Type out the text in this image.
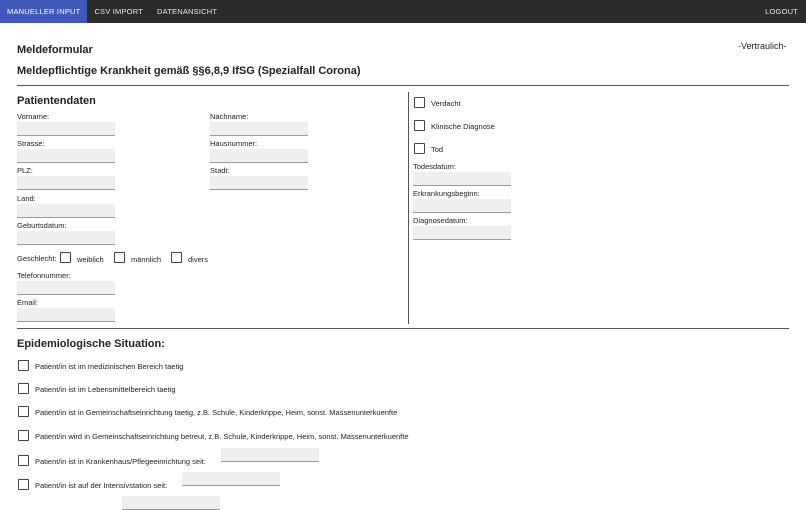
MANUELLER INPUT	CSV IMPORT	DATENANSICHT	LOGOUT
Meldeformular	-Vertraulich-
Meldepflichtige Krankheit gemäß §§6,8,9 IfSG (Spezialfall Corona)
Patientendaten
Vorname:	Nachname:
Strasse:	Hausnummer:
PLZ:	Stadt:
Land:
Geburtsdatum:
Geschlecht:	weiblich	männlich	divers
Telefonnummer:
Email:
Verdacht
Klinische Diagnose
Tod
Todesdatum:
Erkrankungsbeginn:
Diagnosedatum:
Epidemiologische Situation:
Patient/in ist im medizinischen Bereich taetig
Patient/in ist im Lebensmittelbereich taetig
Patient/in ist in Gemeinschaftseinrichtung taetig, z.B. Schule, Kinderkrippe, Heim, sonst. Massenunterkuenfte
Patient/in wird in Gemeinschaftseinrichtung betreut, z.B. Schule, Kinderkrippe, Heim, sonst. Massenunterkuenfte
Patient/in ist in Krankenhaus/Pflegeeinrichtung seit:
Patient/in ist auf der Intensivstation seit:
